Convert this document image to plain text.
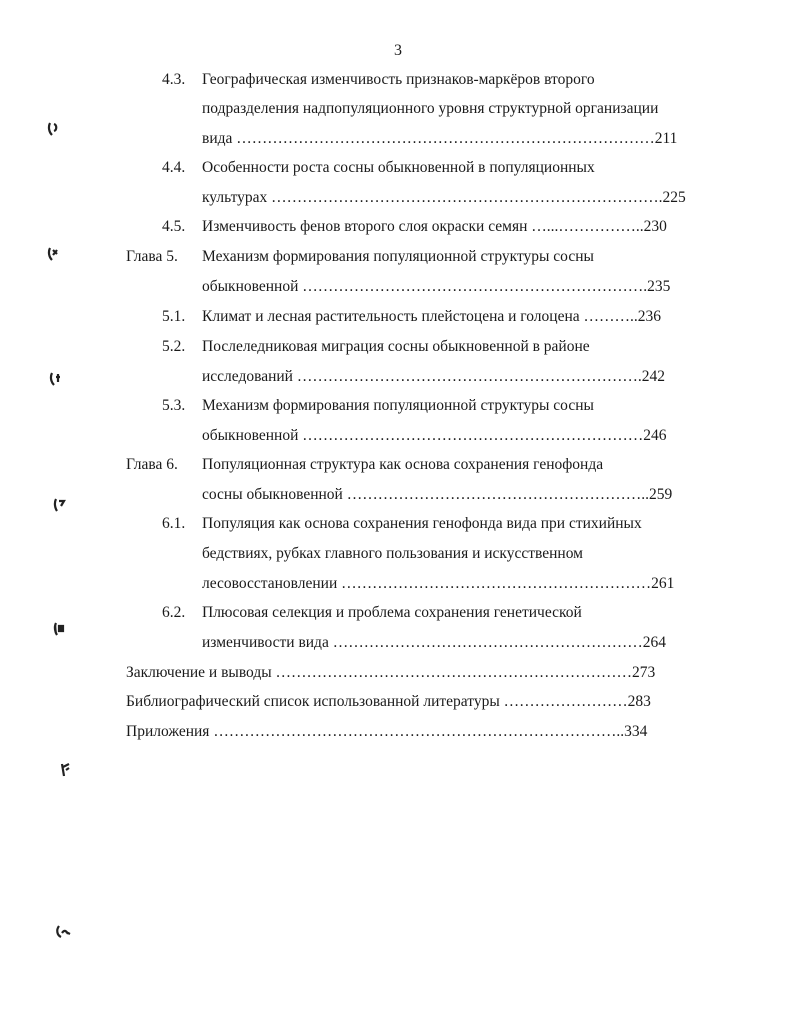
3
4.3. Географическая изменчивость признаков-маркёров второго
подразделения надпопуляционного уровня структурной организации
вида ………………………………………………………………………211
4.4. Особенности роста сосны обыкновенной в популяционных
культурах ………………………………………………………………….225
4.5. Изменчивость фенов второго слоя окраски семян …...……………..230
Глава 5. Механизм формирования популяционной структуры сосны
обыкновенной ………………………………………………………….235
5.1. Климат и лесная растительность плейстоцена и голоцена ………..236
5.2. Послеледниковая миграция сосны обыкновенной в районе
исследований ………………………………………………………….242
5.3. Механизм формирования популяционной структуры сосны
обыкновенной …………………………………………………………246
Глава 6. Популяционная структура как основа сохранения генофонда
сосны обыкновенной …………………………………………………..259
6.1. Популяция как основа сохранения генофонда вида при стихийных
бедствиях, рубках главного пользования и искусственном
лесовосстановлении ……………………………………………………261
6.2. Плюсовая селекция и проблема сохранения генетической
изменчивости вида ……………………………………………………264
Заключение и выводы ……………………………………………………………273
Библиографический список использованной литературы ……………………283
Приложения ……………………………………………………………………..334
